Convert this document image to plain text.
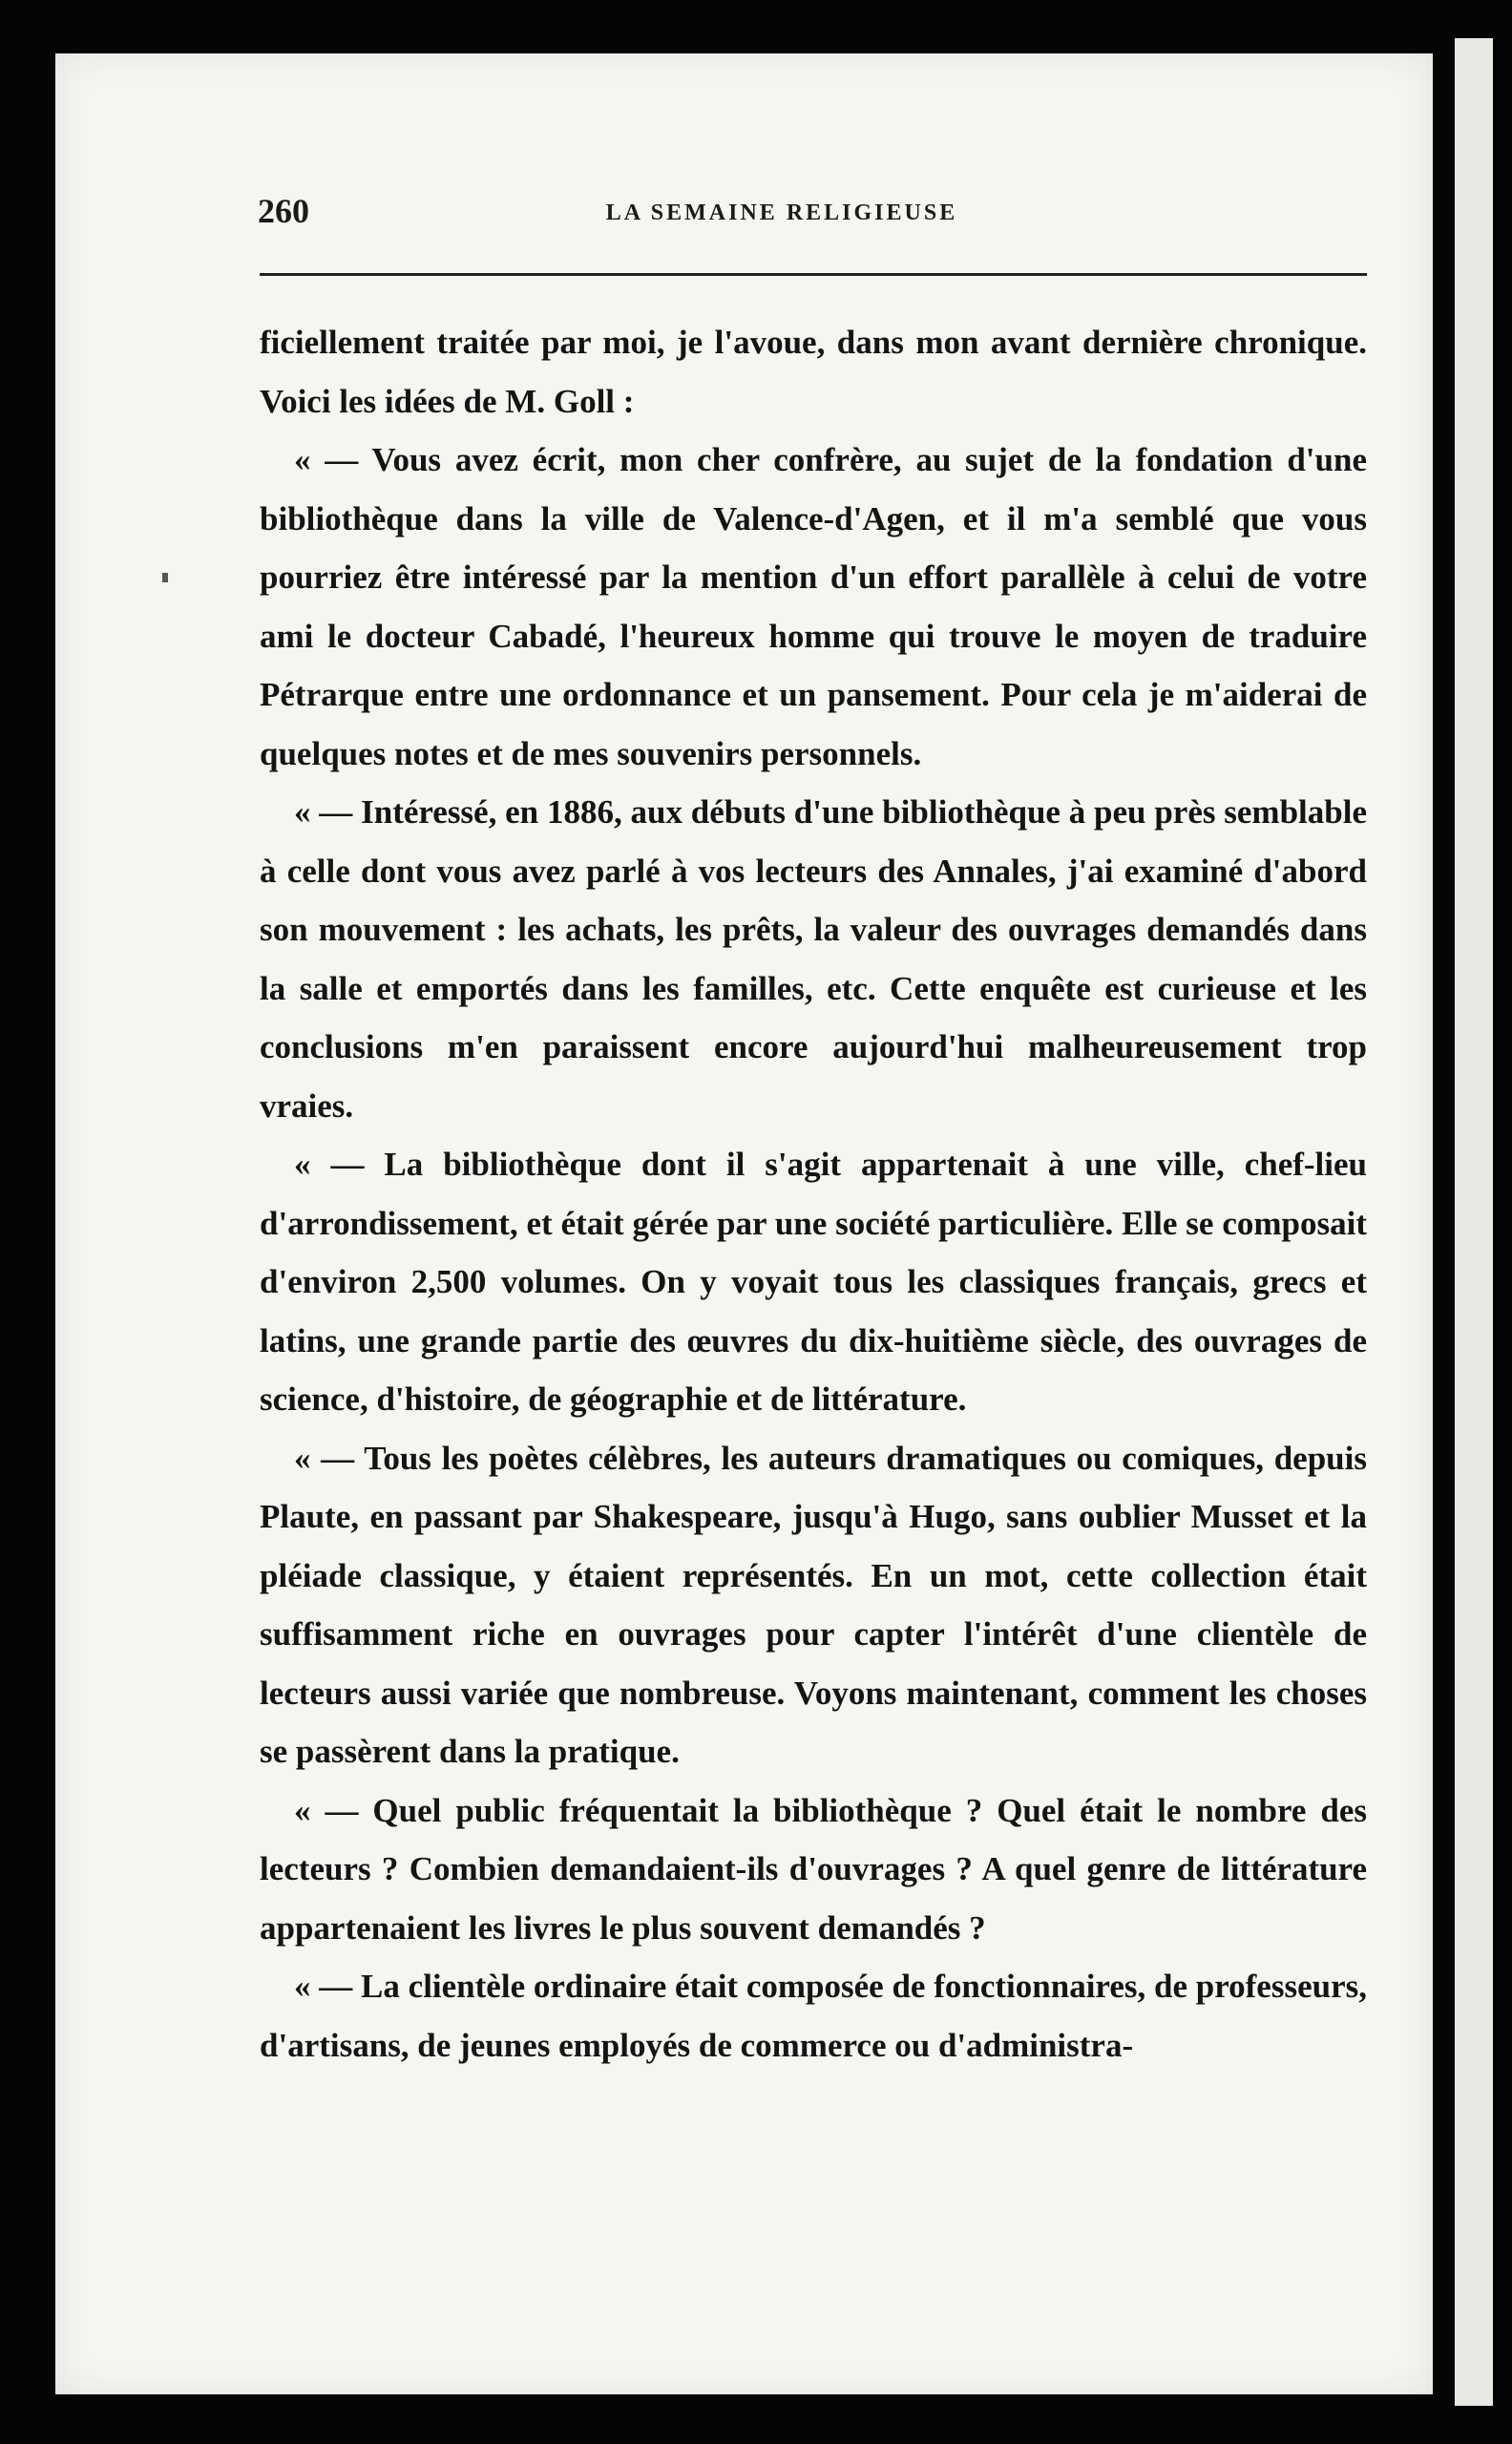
260	LA SEMAINE RELIGIEUSE

ficiellement traitée par moi, je l'avoue, dans mon avant dernière chronique. Voici les idées de M. Goll :

« — Vous avez écrit, mon cher confrère, au sujet de la fondation d'une bibliothèque dans la ville de Valence-d'Agen, et il m'a semblé que vous pourriez être intéressé par la mention d'un effort parallèle à celui de votre ami le docteur Cabadé, l'heureux homme qui trouve le moyen de traduire Pétrarque entre une ordonnance et un pansement. Pour cela je m'aiderai de quelques notes et de mes souvenirs personnels.

« — Intéressé, en 1886, aux débuts d'une bibliothèque à peu près semblable à celle dont vous avez parlé à vos lecteurs des Annales, j'ai examiné d'abord son mouvement : les achats, les prêts, la valeur des ouvrages demandés dans la salle et emportés dans les familles, etc. Cette enquête est curieuse et les conclusions m'en paraissent encore aujourd'hui malheureusement trop vraies.

« — La bibliothèque dont il s'agit appartenait à une ville, chef-lieu d'arrondissement, et était gérée par une société particulière. Elle se composait d'environ 2,500 volumes. On y voyait tous les classiques français, grecs et latins, une grande partie des œuvres du dix-huitième siècle, des ouvrages de science, d'histoire, de géographie et de littérature.

« — Tous les poètes célèbres, les auteurs dramatiques ou comiques, depuis Plaute, en passant par Shakespeare, jusqu'à Hugo, sans oublier Musset et la pléiade classique, y étaient représentés. En un mot, cette collection était suffisamment riche en ouvrages pour capter l'intérêt d'une clientèle de lecteurs aussi variée que nombreuse. Voyons maintenant, comment les choses se passèrent dans la pratique.

« — Quel public fréquentait la bibliothèque ? Quel était le nombre des lecteurs ? Combien demandaient-ils d'ouvrages ? A quel genre de littérature appartenaient les livres le plus souvent demandés ?

« — La clientèle ordinaire était composée de fonctionnaires, de professeurs, d'artisans, de jeunes employés de commerce ou d'administra-
